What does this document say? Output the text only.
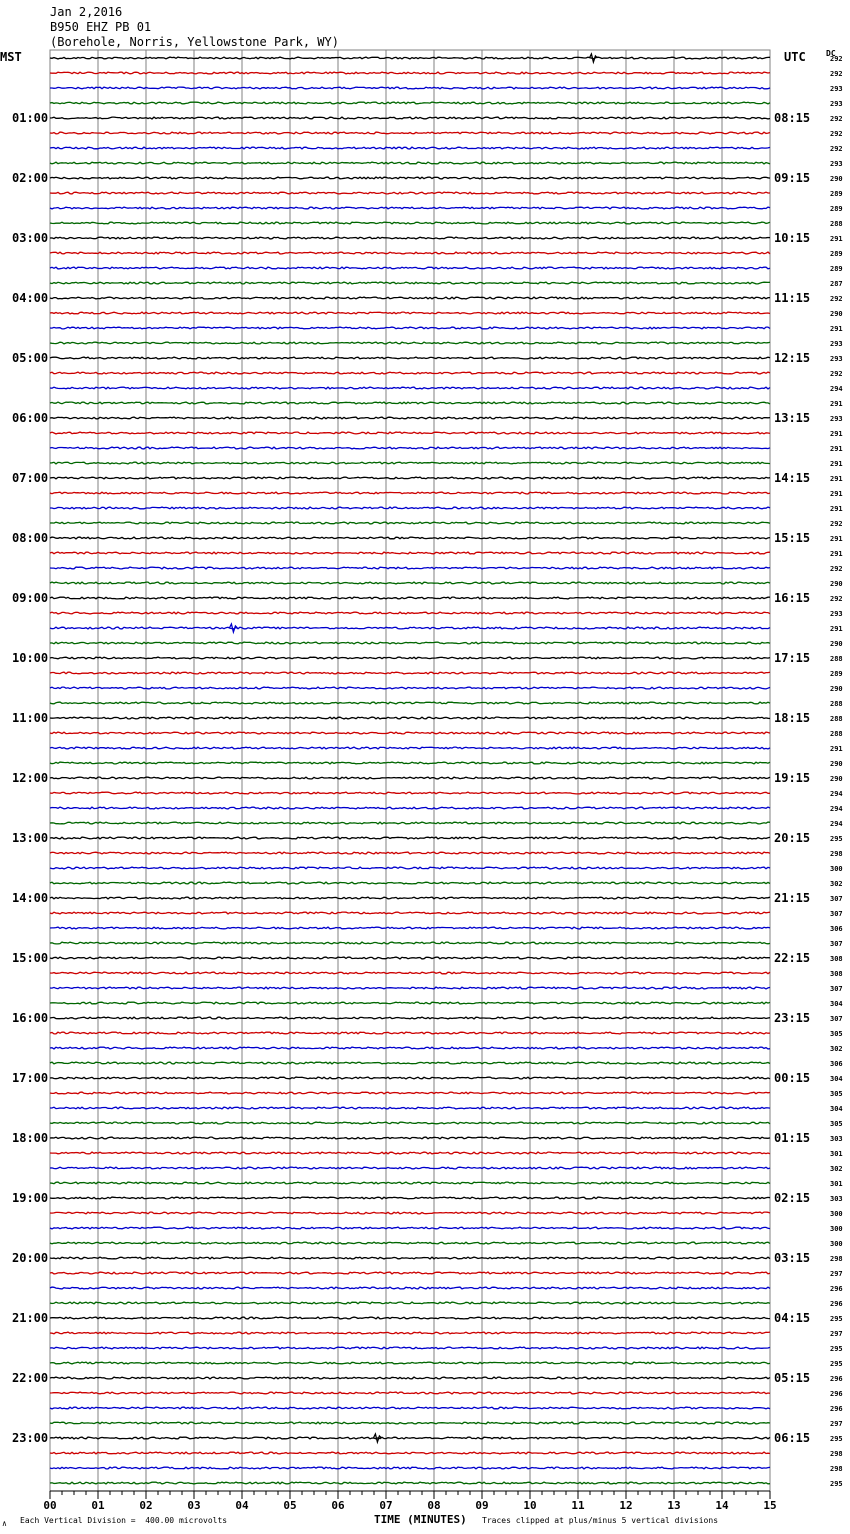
Jan 2,2016
B950 EHZ PB 01
(Borehole, Norris, Yellowstone Park, WY)
MST	UTC	DC
00	01	02	03	04	05	06	07	08	09	10	11	12	13	14	15
01:00
02:00
03:00
04:00
05:00
06:00
07:00
08:00
09:00
10:00
11:00
12:00
13:00
14:00
15:00
16:00
17:00
18:00
19:00
20:00
21:00
22:00
23:00
08:15
09:15
10:15
11:15
12:15
13:15
14:15
15:15
16:15
17:15
18:15
19:15
20:15
21:15
22:15
23:15
00:15
01:15
02:15
03:15
04:15
05:15
06:15
292
292
293
293
292
292
292
293
290
289
289
288
291
289
289
287
292
290
291
293
293
292
294
291
293
291
291
291
291
291
291
292
291
291
292
290
292
293
291
290
288
289
290
288
288
288
291
290
290
294
294
294
295
298
300
302
307
307
306
307
308
308
307
304
307
305
302
306
304
305
304
305
303
301
302
301
303
300
300
300
298
297
296
296
295
297
295
295
296
296
296
297
295
298
298
295
∧ Each Vertical Division =  400.00 microvolts	TIME (MINUTES) Traces clipped at plus/minus 5 vertical divisions
